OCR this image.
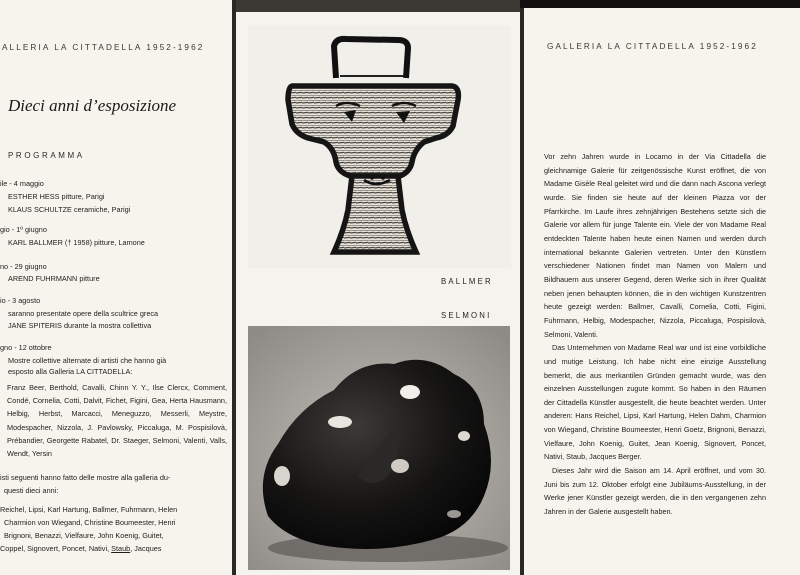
ALLERIA LA CITTADELLA 1952-1962
Dieci anni d’esposizione
PROGRAMMA
ile - 4 maggio
ESTHER HESS pitture, Parigi
KLAUS SCHULTZE ceramiche, Parigi
gio - 1º giugno
KARL BALLMER († 1958) pitture, Lamone
no - 29 giugno
AREND FUHRMANN pitture
io - 3 agosto
saranno presentate opere della scultrice greca
JANE SPITERIS durante la mostra collettiva
gno - 12 ottobre
Mostre collettive alternate di artisti che hanno già
esposto alla Galleria LA CITTADELLA:
Franz Beer, Berthold, Cavalli, Chinn Y. Y., Ilse Clercx, Comment, Condé, Cornelia, Cotti, Dalvit, Fichet, Figini, Gea, Herta Hausmann, Helbig, Herbst, Marcacci, Meneguzzo, Messerli, Meystre, Modespacher, Nizzola, J. Pavlowsky, Piccaluga, M. Pospisilovà, Prébandier, Georgette Rabatel, Dr. Staeger, Selmoni, Valenti, Valls, Wendt, Yersin
isti seguenti hanno fatto delle mostre alla galleria du-
questi dieci anni:
Reichel, Lipsi, Karl Hartung, Ballmer, Fuhrmann, Helen
Charmion von Wiegand, Christine Boumeester, Henri
Brignoni, Benazzi, Vielfaure, John Koenig, Guitet,
Coppel, Signovert, Poncet, Nativi, Staub, Jacques
BALLMER
SELMONI
GALLERIA LA CITTADELLA 1952-1962

Vor zehn Jahren wurde in Locarno in der Via Cittadella die gleichnamige Galerie für zeitgenössische Kunst eröffnet, die von Madame Gisèle Real geleitet wird und die dann nach Ascona verlegt wurde. Sie finden sie heute auf der kleinen Piazza vor der Pfarrkirche. Im Laufe ihres zehnjährigen Bestehens setzte sich die Galerie vor allem für junge Talente ein. Viele der von Madame Real entdeckten Talente haben heute einen Namen und werden durch international bekannte Galerien vertreten. Unter den Künstlern verschiedener Nationen findet man Namen von Malern und Bildhauern aus unserer Gegend, deren Werke sich in ihrer Qualität neben jenen behaupten können, die in den wichtigen Kunstzentren heute gezeigt werden: Ballmer, Cavalli, Cornelia, Cotti, Figini, Fuhrmann, Helbig, Modespacher, Nizzola, Piccaluga, Pospisilovà, Selmoni, Valenti.

Das Unternehmen von Madame Real war und ist eine vorbildliche und mutige Leistung. Ich habe nicht eine einzige Ausstellung bemerkt, die aus merkantilen Gründen gemacht wurde, was den einzelnen Ausstellungen zugute kommt. So haben in den Räumen der Cittadella Künstler ausgestellt, die heute beachtet werden. Unter anderen: Hans Reichel, Lipsi, Karl Hartung, Helen Dahm, Charmion von Wiegand, Christine Boumeester, Henri Goetz, Brignoni, Benazzi, Vielfaure, John Koenig, Guitet, Jean Koenig, Signovert, Poncet, Nativi, Staub, Jacques Berger.

Dieses Jahr wird die Saison am 14. April eröffnet, und vom 30. Juni bis zum 12. Oktober erfolgt eine Jubiläums-Ausstellung, in der Werke jener Künstler gezeigt werden, die in den vergangenen zehn Jahren in der Galerie ausgestellt haben.
